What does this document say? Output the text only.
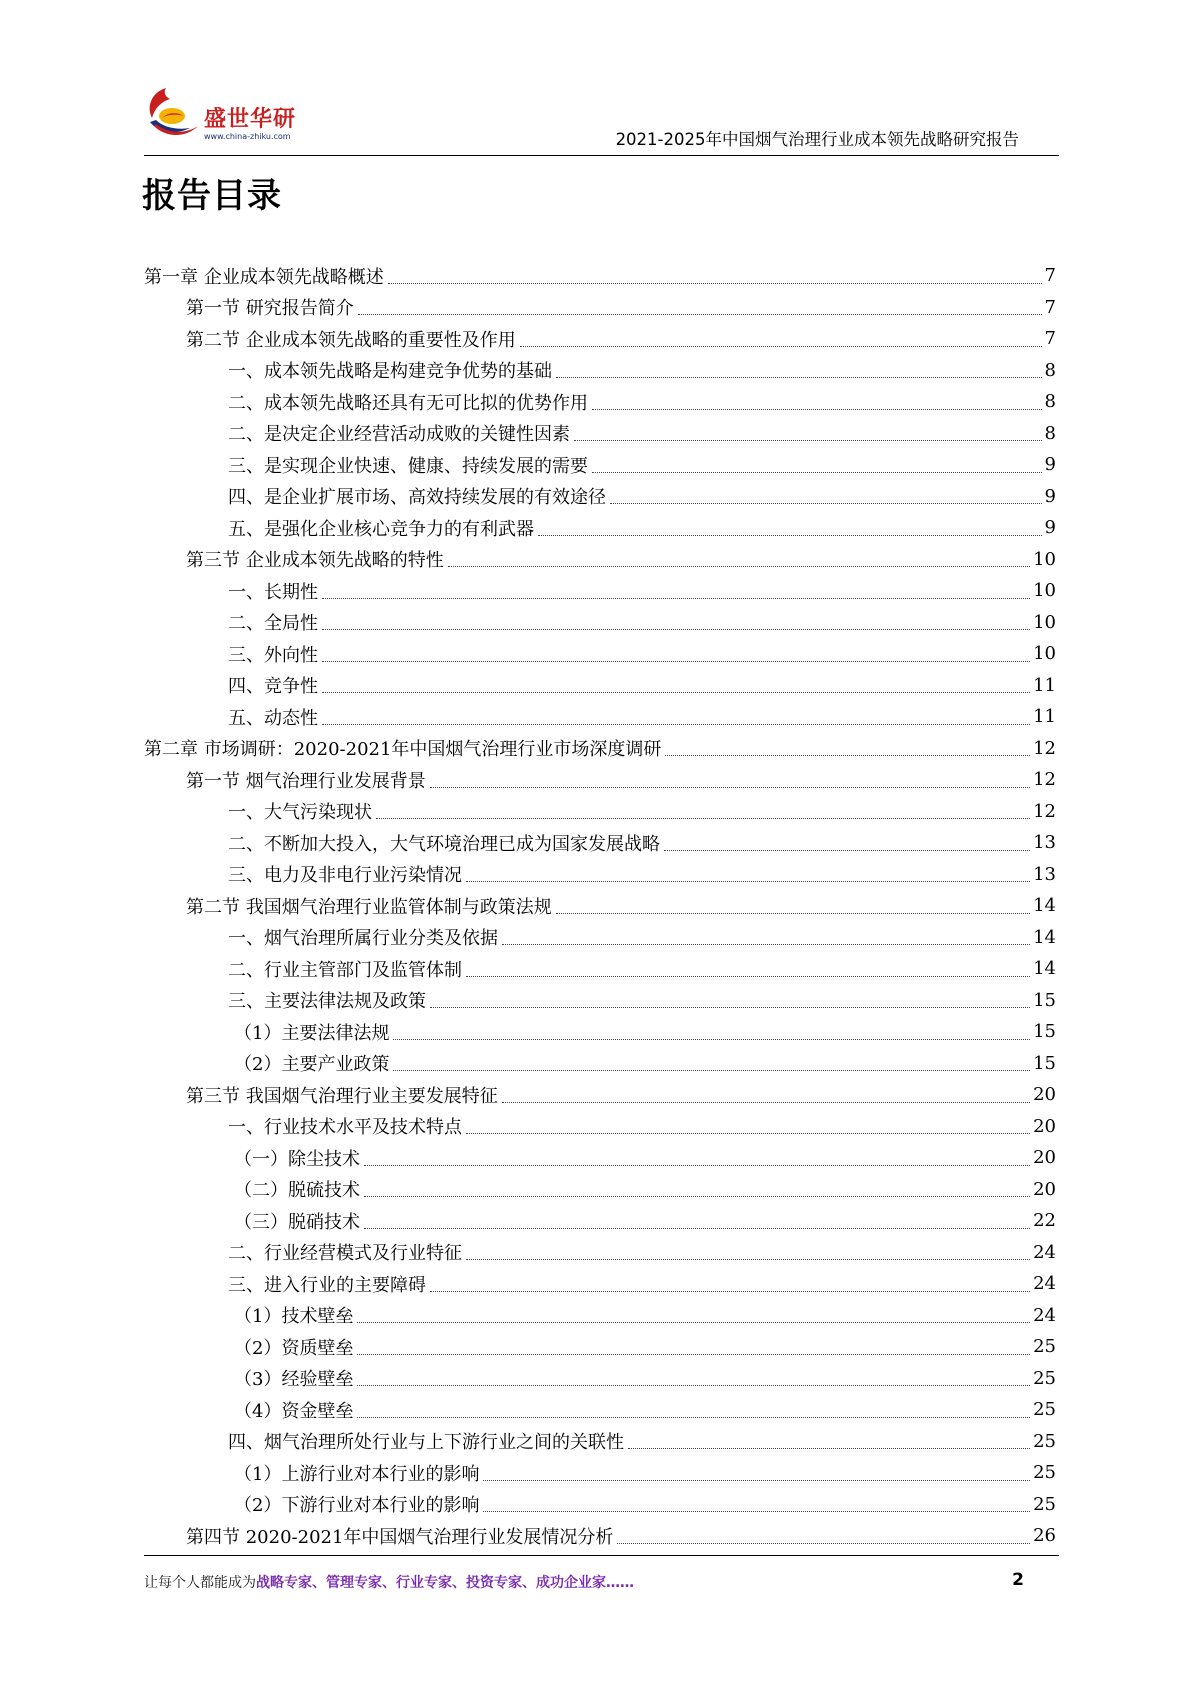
盛世华研
www.china-zhiku.com	2021-2025年中国烟气治理行业成本领先战略研究报告
报告目录
第一章 企业成本领先战略概述	7
第一节 研究报告简介	7
第二节 企业成本领先战略的重要性及作用	7
一、成本领先战略是构建竞争优势的基础	8
二、成本领先战略还具有无可比拟的优势作用	8
二、是决定企业经营活动成败的关键性因素	8
三、是实现企业快速、健康、持续发展的需要	9
四、是企业扩展市场、高效持续发展的有效途径	9
五、是强化企业核心竞争力的有利武器	9
第三节 企业成本领先战略的特性	10
一、长期性	10
二、全局性	10
三、外向性	10
四、竞争性	11
五、动态性	11
第二章 市场调研：2020-2021年中国烟气治理行业市场深度调研	12
第一节 烟气治理行业发展背景	12
一、大气污染现状	12
二、不断加大投入，大气环境治理已成为国家发展战略	13
三、电力及非电行业污染情况	13
第二节 我国烟气治理行业监管体制与政策法规	14
一、烟气治理所属行业分类及依据	14
二、行业主管部门及监管体制	14
三、主要法律法规及政策	15
（1）主要法律法规	15
（2）主要产业政策	15
第三节 我国烟气治理行业主要发展特征	20
一、行业技术水平及技术特点	20
（一）除尘技术	20
（二）脱硫技术	20
（三）脱硝技术	22
二、行业经营模式及行业特征	24
三、进入行业的主要障碍	24
（1）技术壁垒	24
（2）资质壁垒	25
（3）经验壁垒	25
（4）资金壁垒	25
四、烟气治理所处行业与上下游行业之间的关联性	25
（1）上游行业对本行业的影响	25
（2）下游行业对本行业的影响	25
第四节 2020-2021年中国烟气治理行业发展情况分析	26
让每个人都能成为战略专家、管理专家、行业专家、投资专家、成功企业家……	2
